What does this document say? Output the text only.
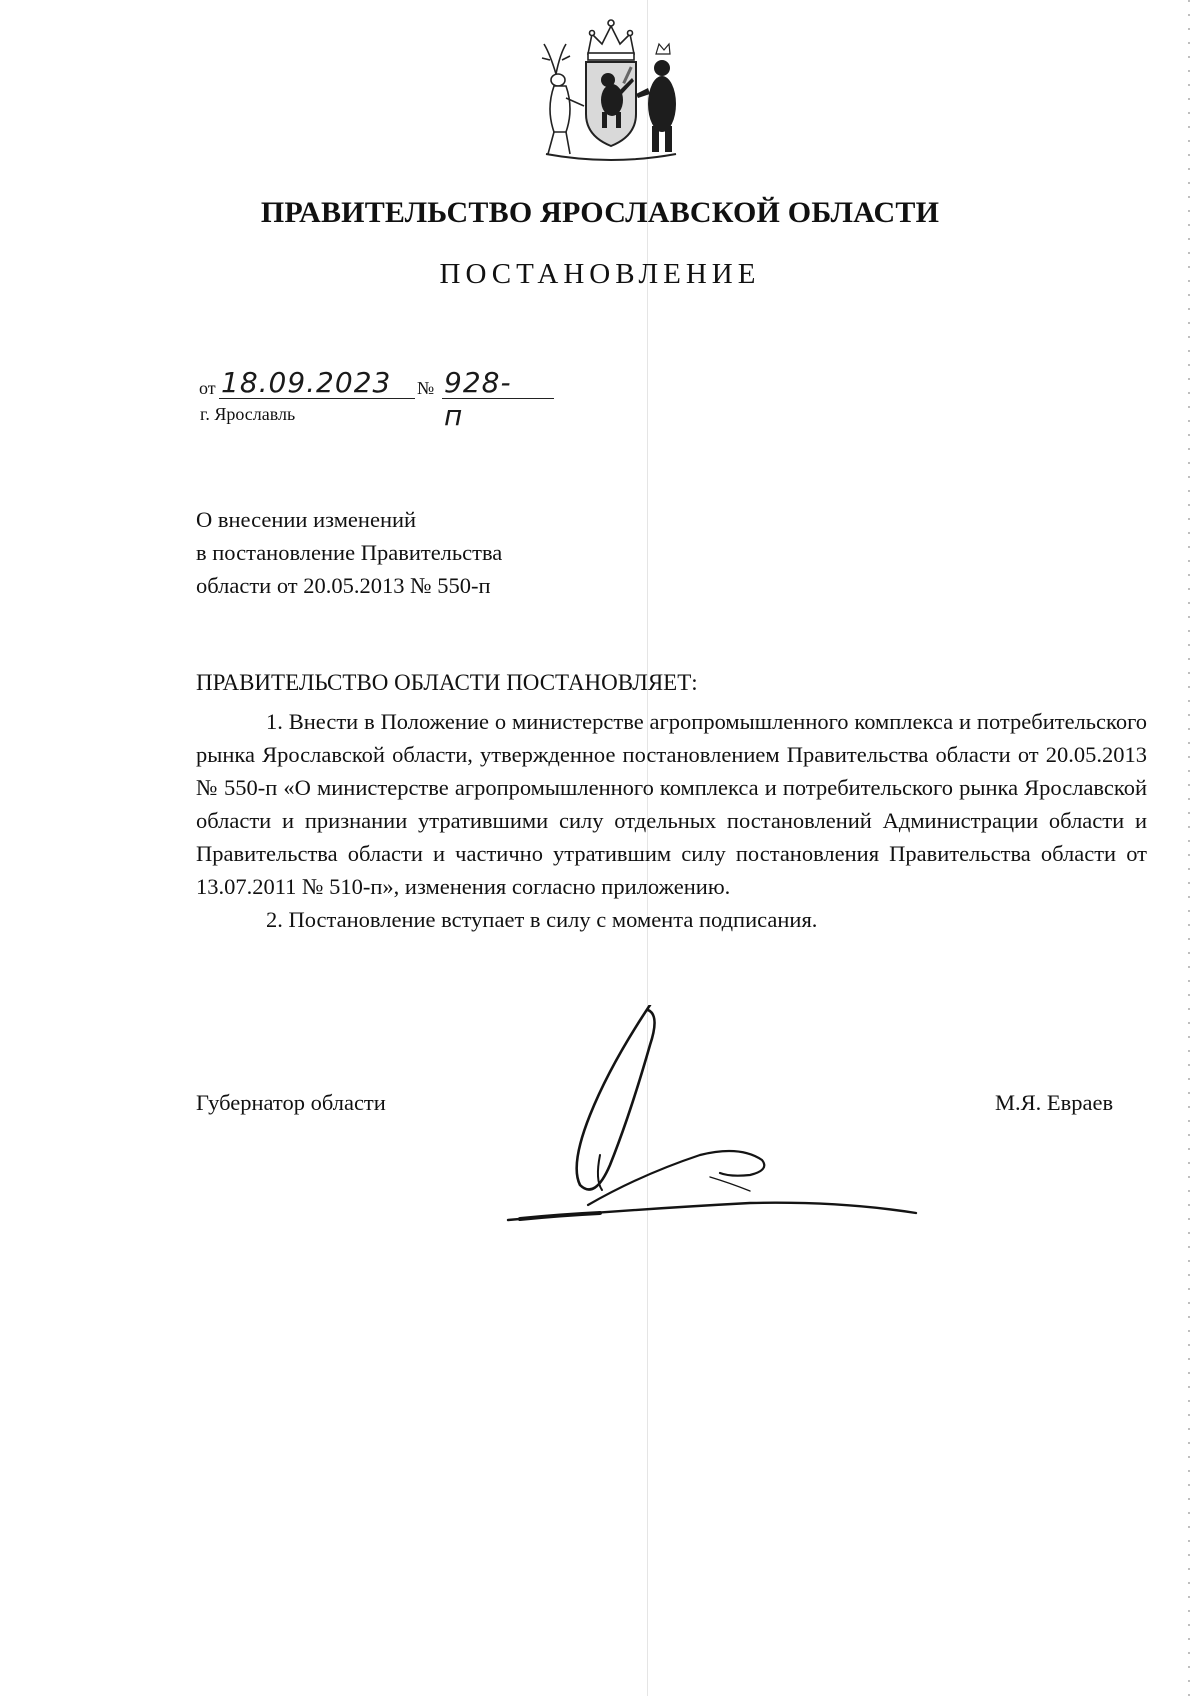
ПРАВИТЕЛЬСТВО ЯРОСЛАВСКОЙ ОБЛАСТИ
ПОСТАНОВЛЕНИЕ
от 18.09.2023 № 928-п
г. Ярославль
О внесении изменений
в постановление Правительства
области от 20.05.2013 № 550-п
ПРАВИТЕЛЬСТВО ОБЛАСТИ ПОСТАНОВЛЯЕТ:
1. Внести в Положение о министерстве агропромышленного комплекса и потребительского рынка Ярославской области, утвержденное постановлением Правительства области от 20.05.2013 № 550-п «О министерстве агропромышленного комплекса и потребительского рынка Ярославской области и признании утратившими силу отдельных постановлений Администрации области и Правительства области и частично утратившим силу постановления Правительства области от 13.07.2011 № 510-п», изменения согласно приложению.
2. Постановление вступает в силу с момента подписания.
Губернатор области	М.Я. Евраев
